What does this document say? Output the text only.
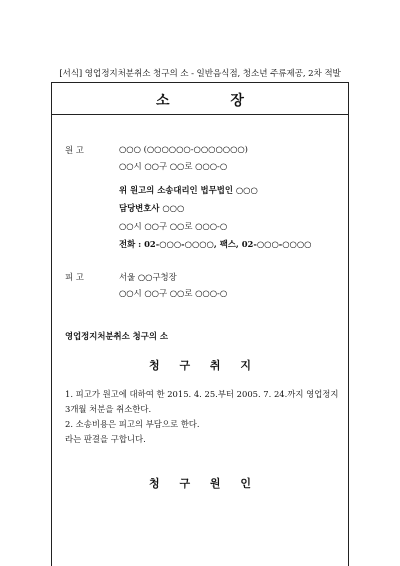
[서식] 영업정지처분취소 청구의 소 - 일반음식점, 청소년 주류제공, 2차 적발
소 장
원 고	○○○ (○○○○○○-○○○○○○○)
○○시 ○○구 ○○로 ○○○-○
위 원고의 소송대리인 법무법인 ○○○
담당변호사 ○○○
○○시 ○○구 ○○로 ○○○-○
전화 : 02-○○○-○○○○, 팩스, 02-○○○-○○○○
피 고	서울 ○○구청장
○○시 ○○구 ○○로 ○○○-○
영업정지처분취소 청구의 소
청 구 취 지
1. 피고가 원고에 대하여 한 2015. 4. 25.부터 2005. 7. 24.까지 영업정지
3개월 처분을 취소한다.
2. 소송비용은 피고의 부담으로 한다.
라는 판결을 구합니다.
청 구 원 인
